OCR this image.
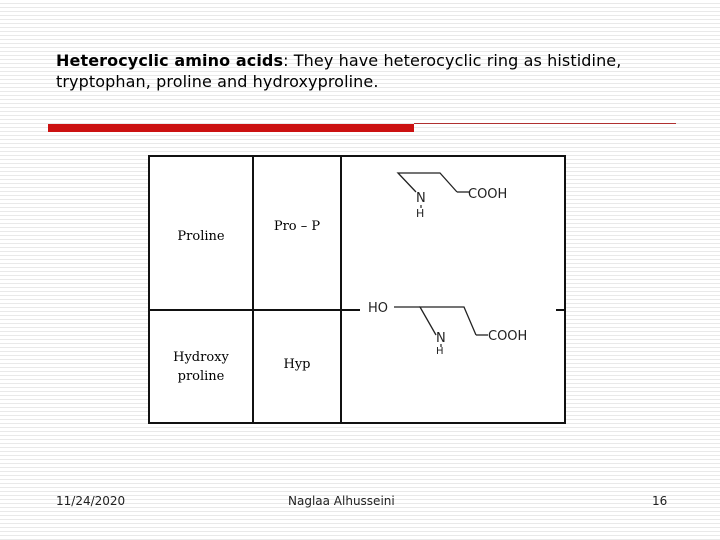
Heterocyclic amino acids: They have heterocyclic ring as histidine, tryptophan, proline and hydroxyproline.
Proline	Pro – P	
Hydroxy proline	Hyp	
N
H
COOH
HO
N
H
COOH
11/24/2020	Naglaa Alhusseini	16
